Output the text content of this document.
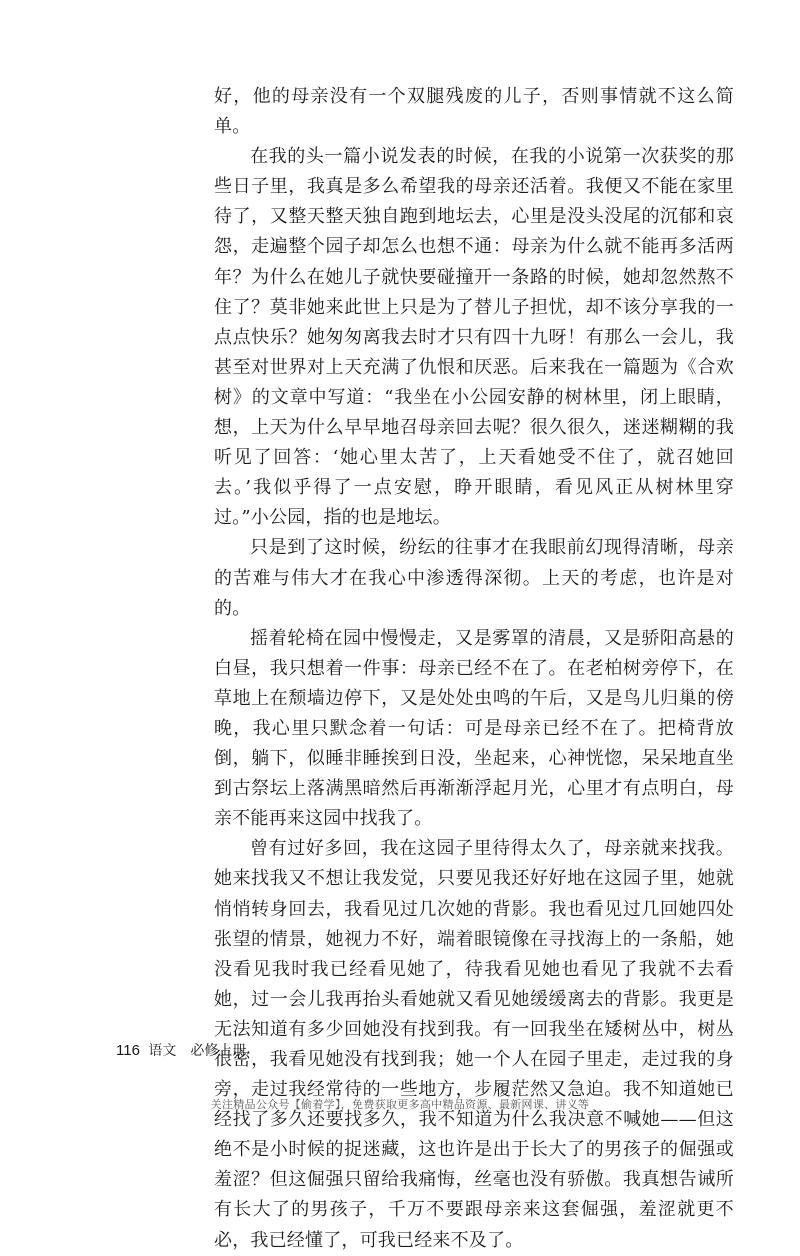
好，他的母亲没有一个双腿残废的儿子，否则事情就不这么简单。

在我的头一篇小说发表的时候，在我的小说第一次获奖的那些日子里，我真是多么希望我的母亲还活着。我便又不能在家里待了，又整天整天独自跑到地坛去，心里是没头没尾的沉郁和哀怨，走遍整个园子却怎么也想不通：母亲为什么就不能再多活两年？为什么在她儿子就快要碰撞开一条路的时候，她却忽然熬不住了？莫非她来此世上只是为了替儿子担忧，却不该分享我的一点点快乐？她匆匆离我去时才只有四十九呀！有那么一会儿，我甚至对世界对上天充满了仇恨和厌恶。后来我在一篇题为《合欢树》的文章中写道：“我坐在小公园安静的树林里，闭上眼睛，想，上天为什么早早地召母亲回去呢？很久很久，迷迷糊糊的我听见了回答：‘她心里太苦了，上天看她受不住了，就召她回去。’我似乎得了一点安慰，睁开眼睛，看见风正从树林里穿过。”小公园，指的也是地坛。

只是到了这时候，纷纭的往事才在我眼前幻现得清晰，母亲的苦难与伟大才在我心中渗透得深彻。上天的考虑，也许是对的。

摇着轮椅在园中慢慢走，又是雾罩的清晨，又是骄阳高悬的白昼，我只想着一件事：母亲已经不在了。在老柏树旁停下，在草地上在颓墙边停下，又是处处虫鸣的午后，又是鸟儿归巢的傍晚，我心里只默念着一句话：可是母亲已经不在了。把椅背放倒，躺下，似睡非睡挨到日没，坐起来，心神恍惚，呆呆地直坐到古祭坛上落满黑暗然后再渐渐浮起月光，心里才有点明白，母亲不能再来这园中找我了。

曾有过好多回，我在这园子里待得太久了，母亲就来找我。她来找我又不想让我发觉，只要见我还好好地在这园子里，她就悄悄转身回去，我看见过几次她的背影。我也看见过几回她四处张望的情景，她视力不好，端着眼镜像在寻找海上的一条船，她没看见我时我已经看见她了，待我看见她也看见了我就不去看她，过一会儿我再抬头看她就又看见她缓缓离去的背影。我更是无法知道有多少回她没有找到我。有一回我坐在矮树丛中，树丛很密，我看见她没有找到我；她一个人在园子里走，走过我的身旁，走过我经常待的一些地方，步履茫然又急迫。我不知道她已经找了多久还要找多久，我不知道为什么我决意不喊她——但这绝不是小时候的捉迷藏，这也许是出于长大了的男孩子的倔强或羞涩？但这倔强只留给我痛悔，丝毫也没有骄傲。我真想告诫所有长大了的男孩子，千万不要跟母亲来这套倔强，羞涩就更不必，我已经懂了，可我已经来不及了。

116 语文　必修上册
关注精品公众号【偷着学】，免费获取更多高中精品资源、最新网课、讲义等
